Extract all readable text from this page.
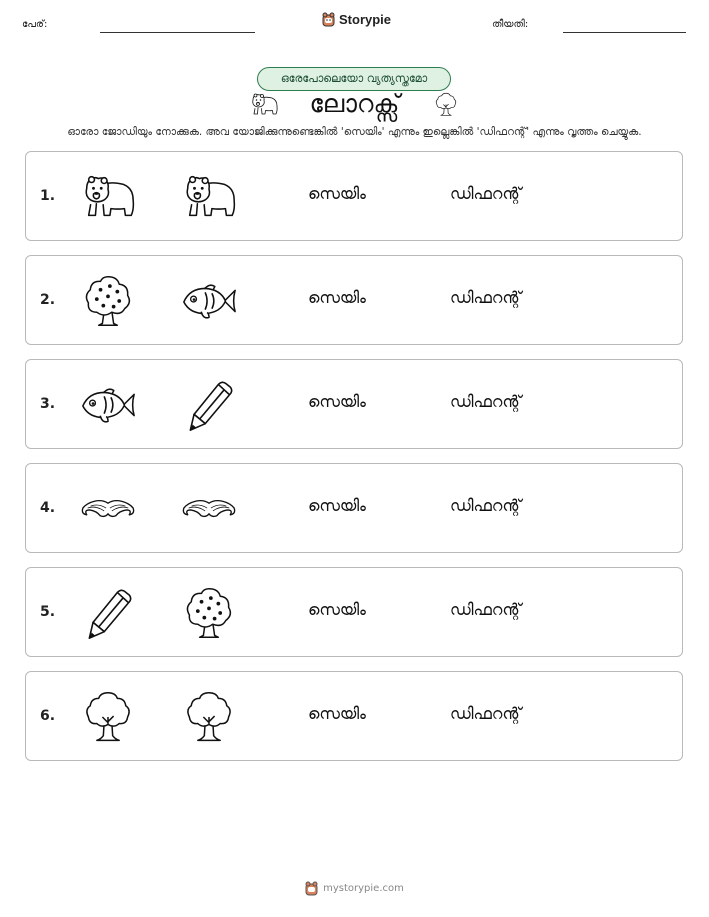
പേര്:	Storypie	തീയതി:
ഒരേപോലെയോ വ്യത്യസ്തമോ
ലോറക്സ്
ഓരോ ജോഡിയും നോക്കുക. അവ യോജിക്കുന്നുണ്ടെങ്കിൽ 'സെയിം' എന്നും ഇല്ലെങ്കിൽ 'ഡിഫറന്റ്' എന്നും വൃത്തം ചെയ്യുക.
1.	സെയിം	ഡിഫറന്റ്
2.	സെയിം	ഡിഫറന്റ്
3.	സെയിം	ഡിഫറന്റ്
4.	സെയിം	ഡിഫറന്റ്
5.	സെയിം	ഡിഫറന്റ്
6.	സെയിം	ഡിഫറന്റ്
mystorypie.com
